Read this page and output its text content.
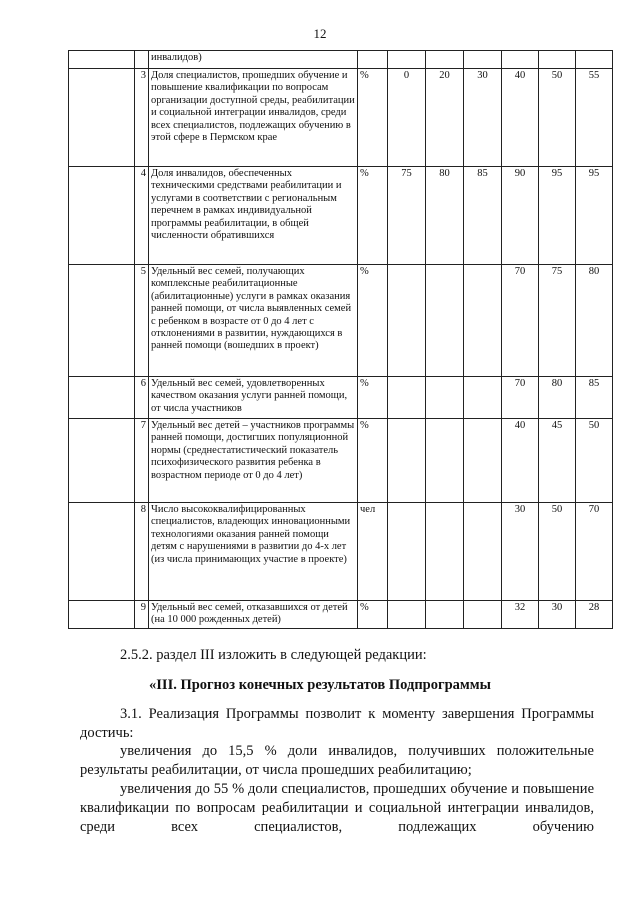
12
		инвалидов)							
	3	Доля специалистов, прошедших обучение и повышение квалификации по вопросам организации доступной среды, реабилитации и социальной интеграции инвалидов, среди всех специалистов, подлежащих обучению в этой сфере в Пермском крае	%	0	20	30	40	50	55
	4	Доля инвалидов, обеспеченных техническими средствами реабилитации и услугами в соответствии с региональным перечнем в рамках индивидуальной программы реабилитации, в общей численности обратившихся	%	75	80	85	90	95	95
	5	Удельный вес семей, получающих комплексные реабилитационные (абилитационные) услуги в рамках оказания ранней помощи, от числа выявленных семей с ребенком в возрасте от 0 до 4 лет с отклонениями в развитии, нуждающихся в ранней помощи (вошедших в проект)	%				70	75	80
	6	Удельный вес семей, удовлетворенных качеством оказания услуги ранней помощи, от числа участников	%				70	80	85
	7	Удельный вес детей – участников программы ранней помощи, достигших популяционной нормы (среднестатистический показатель психофизического развития ребенка в возрастном периоде от 0 до 4 лет)	%				40	45	50
	8	Число высококвалифицированных специалистов, владеющих инновационными технологиями оказания ранней помощи детям с нарушениями в развитии до 4-х лет (из числа принимающих участие в проекте)	чел				30	50	70
	9	Удельный вес семей, отказавшихся от детей (на 10 000 рожденных детей)	%				32	30	28
2.5.2. раздел III изложить в следующей редакции:
«III. Прогноз конечных результатов Подпрограммы
3.1. Реализация Программы позволит к моменту завершения Программы достичь:
увеличения до 15,5 % доли инвалидов, получивших положительные результаты реабилитации, от числа прошедших реабилитацию;
увеличения до 55 % доли специалистов, прошедших обучение и повышение квалификации по вопросам реабилитации и социальной интеграции инвалидов, среди всех специалистов, подлежащих обучению
